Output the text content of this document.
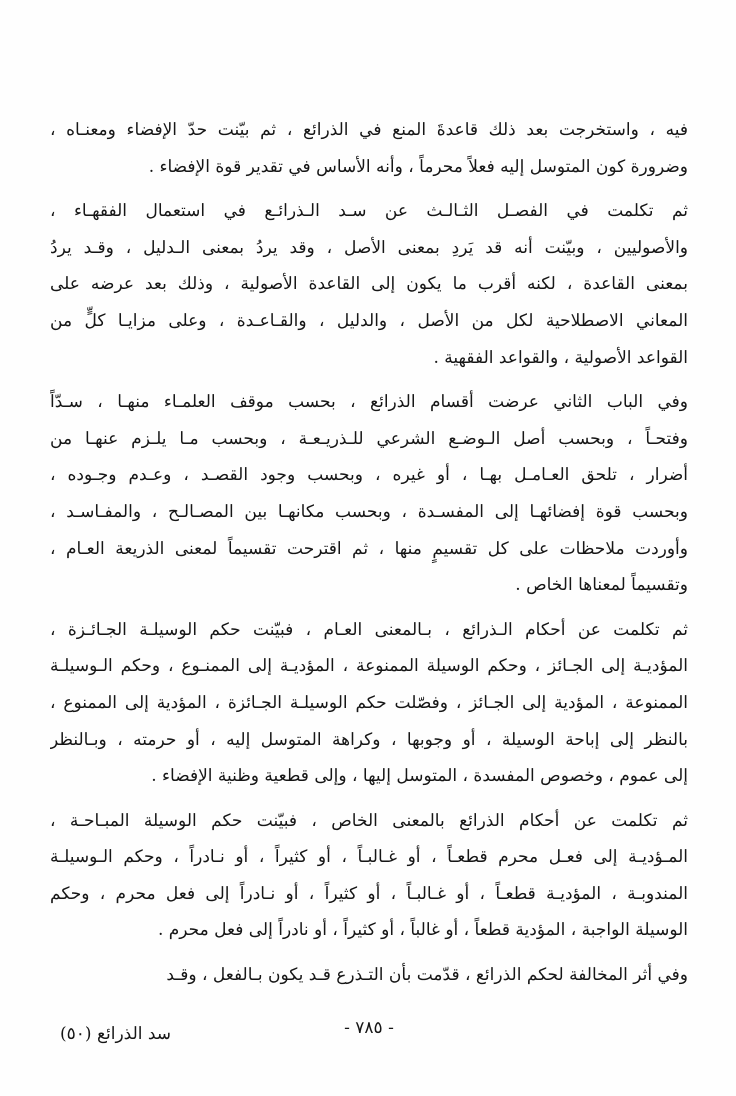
فيه ، واستخرجت بعد ذلك قاعدةَ المنع في الذرائع ، ثم بيّنت حدّ الإفضاء ومعنـاه ،
وضرورة كون المتوسل إليه فعلاً محرماً ، وأنه الأساس في تقدير قوة الإفضاء .
ثم تكلمت في الفصـل الثـالـث عن سـد الـذرائـع في استعمال الفقهـاء ،
والأصوليين ، وبيّنت أنه قد يَردِ بمعنى الأصل ، وقد يردُ بمعنى الـدليل ، وقـد يردُ
بمعنى القاعدة ، لكنه أقرب ما يكون إلى القاعدة الأصولية ، وذلك بعد عرضه على
المعاني الاصطلاحية لكل من الأصل ، والدليل ، والقـاعـدة ، وعلى مزايـا كلٍّ من
القواعد الأصولية ، والقواعد الفقهية .
وفي الباب الثاني عرضت أقسام الذرائع ، بحسب موقف العلمـاء منهـا ، سـدّاً
وفتحـاً ، وبحسب أصل الـوضـع الشرعي للـذريـعـة ، وبحسب مـا يلـزم عنهـا من
أضرار ، تلحق العـامـل بهـا ، أو غيره ، وبحسب وجود القصـد ، وعـدم وجـوده ،
وبحسب قوة إفضائهـا إلى المفسـدة ، وبحسب مكانهـا بين المصـالـح ، والمفـاسـد ،
وأوردت ملاحظات على كل تقسيمٍ منها ، ثم اقترحت تقسيماً لمعنى الذريعة العـام ،
وتقسيماً لمعناها الخاص .
ثم تكلمت عن أحكام الـذرائع ، بـالمعنى العـام ، فبيّنت حكم الوسيلـة الجـائـزة ،
المؤديـة إلى الجـائز ، وحكم الوسيلة الممنوعة ، المؤديـة إلى الممنـوع ، وحكم الـوسيلـة
الممنوعة ، المؤدية إلى الجـائز ، وفصّلت حكم الوسيلـة الجـائزة ، المؤدية إلى الممنوع ،
بالنظر إلى إباحة الوسيلة ، أو وجوبها ، وكراهة المتوسل إليه ، أو حرمته ، وبـالنظر
إلى عموم ، وخصوص المفسدة ، المتوسل إليها ، وإلى قطعية وظنية الإفضاء .
ثم تكلمت عن أحكام الذرائع بالمعنى الخاص ، فبيّنت حكم الوسيلة المبـاحـة ،
المـؤديـة إلى فعـل محرم قطعـاً ، أو غـالبـاً ، أو كثيراً ، أو نـادراً ، وحكم الـوسيلـة
المندوبـة ، المؤديـة قطعـاً ، أو غـالبـاً ، أو كثيراً ، أو نـادراً إلى فعل محرم ، وحكم
الوسيلة الواجبة ، المؤدية قطعاً ، أو غالباً ، أو كثيراً ، أو نادراً إلى فعل محرم .
وفي أثر المخالفة لحكم الذرائع ، قدّمت بأن التـذرع قـد يكون بـالفعل ، وقـد
- ٧٨٥ -
سد الذرائع (٥٠)
